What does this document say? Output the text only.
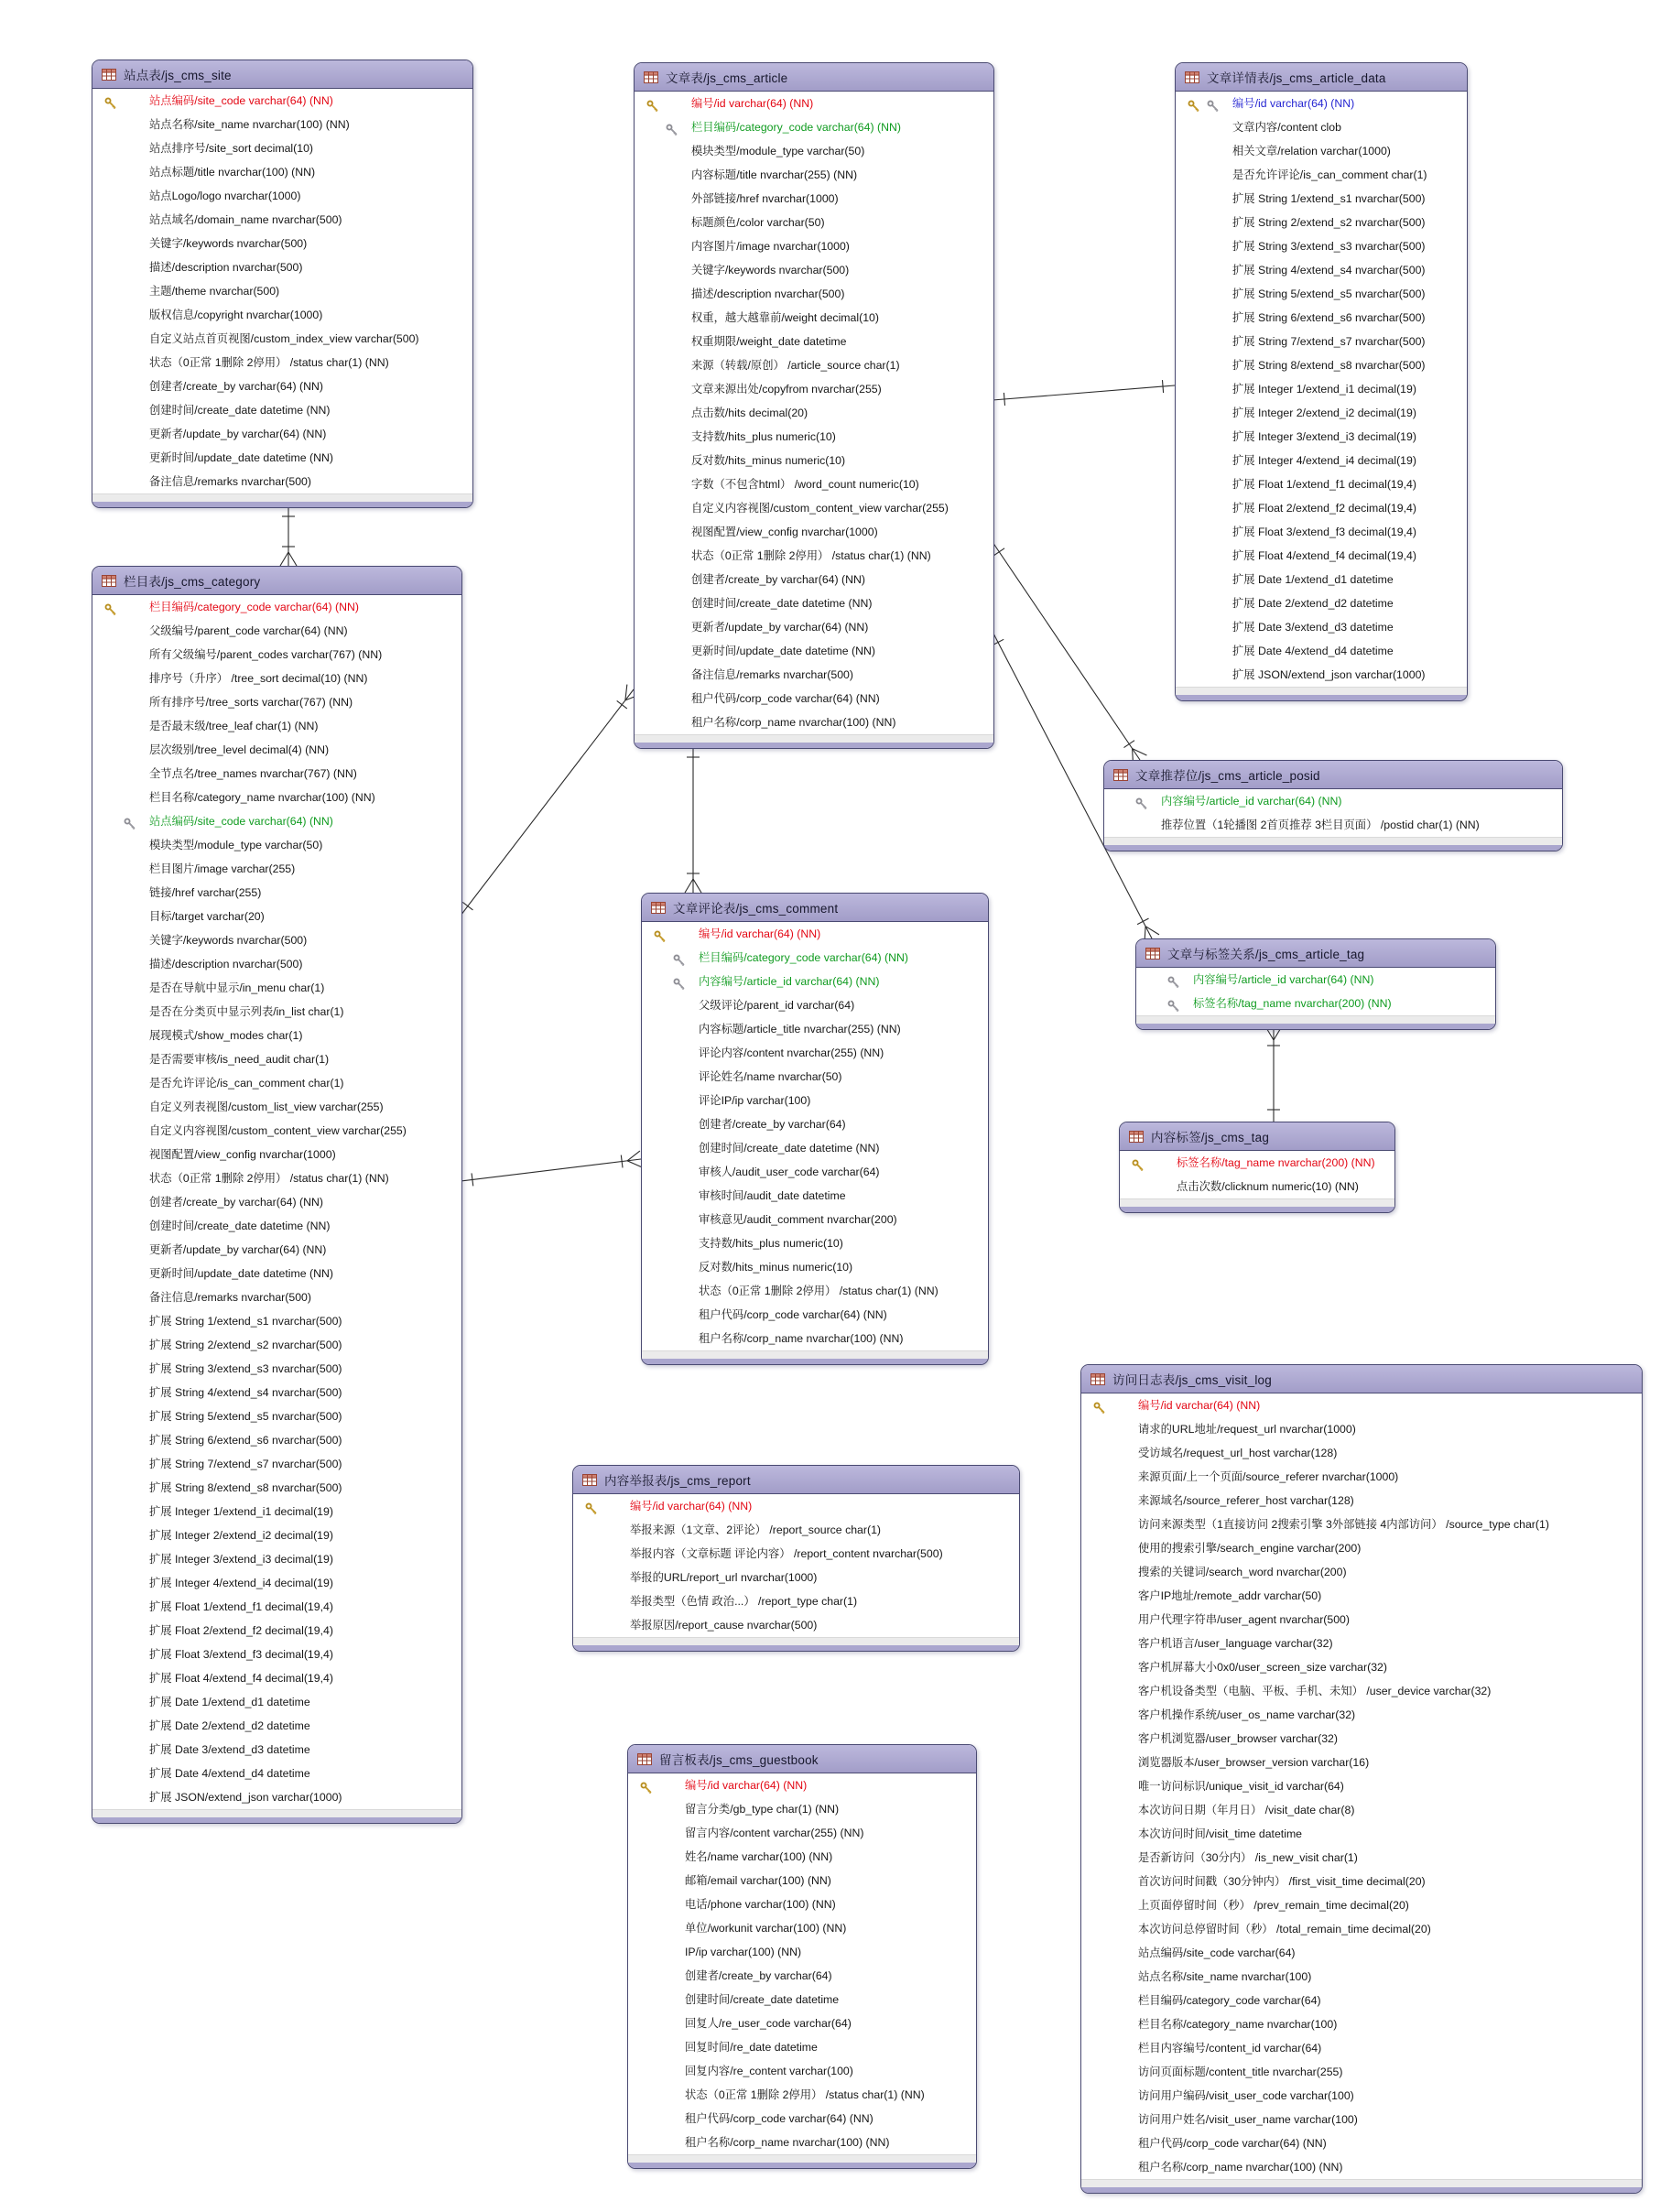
站点表/js_cms_site
站点编码/site_code varchar(64) (NN)
站点名称/site_name nvarchar(100) (NN)
站点排序号/site_sort decimal(10)
站点标题/title nvarchar(100) (NN)
站点Logo/logo nvarchar(1000)
站点域名/domain_name nvarchar(500)
关键字/keywords nvarchar(500)
描述/description nvarchar(500)
主题/theme nvarchar(500)
版权信息/copyright nvarchar(1000)
自定义站点首页视图/custom_index_view varchar(500)
状态（0正常 1删除 2停用） /status char(1) (NN)
创建者/create_by varchar(64) (NN)
创建时间/create_date datetime (NN)
更新者/update_by varchar(64) (NN)
更新时间/update_date datetime (NN)
备注信息/remarks nvarchar(500)
栏目表/js_cms_category
栏目编码/category_code varchar(64) (NN)
父级编号/parent_code varchar(64) (NN)
所有父级编号/parent_codes varchar(767) (NN)
排序号（升序） /tree_sort decimal(10) (NN)
所有排序号/tree_sorts varchar(767) (NN)
是否最末级/tree_leaf char(1) (NN)
层次级别/tree_level decimal(4) (NN)
全节点名/tree_names nvarchar(767) (NN)
栏目名称/category_name nvarchar(100) (NN)
站点编码/site_code varchar(64) (NN)
模块类型/module_type varchar(50)
栏目图片/image varchar(255)
链接/href varchar(255)
目标/target varchar(20)
关键字/keywords nvarchar(500)
描述/description nvarchar(500)
是否在导航中显示/in_menu char(1)
是否在分类页中显示列表/in_list char(1)
展现模式/show_modes char(1)
是否需要审核/is_need_audit char(1)
是否允许评论/is_can_comment char(1)
自定义列表视图/custom_list_view varchar(255)
自定义内容视图/custom_content_view varchar(255)
视图配置/view_config nvarchar(1000)
状态（0正常 1删除 2停用） /status char(1) (NN)
创建者/create_by varchar(64) (NN)
创建时间/create_date datetime (NN)
更新者/update_by varchar(64) (NN)
更新时间/update_date datetime (NN)
备注信息/remarks nvarchar(500)
扩展 String 1/extend_s1 nvarchar(500)
扩展 String 2/extend_s2 nvarchar(500)
扩展 String 3/extend_s3 nvarchar(500)
扩展 String 4/extend_s4 nvarchar(500)
扩展 String 5/extend_s5 nvarchar(500)
扩展 String 6/extend_s6 nvarchar(500)
扩展 String 7/extend_s7 nvarchar(500)
扩展 String 8/extend_s8 nvarchar(500)
扩展 Integer 1/extend_i1 decimal(19)
扩展 Integer 2/extend_i2 decimal(19)
扩展 Integer 3/extend_i3 decimal(19)
扩展 Integer 4/extend_i4 decimal(19)
扩展 Float 1/extend_f1 decimal(19,4)
扩展 Float 2/extend_f2 decimal(19,4)
扩展 Float 3/extend_f3 decimal(19,4)
扩展 Float 4/extend_f4 decimal(19,4)
扩展 Date 1/extend_d1 datetime
扩展 Date 2/extend_d2 datetime
扩展 Date 3/extend_d3 datetime
扩展 Date 4/extend_d4 datetime
扩展 JSON/extend_json varchar(1000)
文章表/js_cms_article
编号/id varchar(64) (NN)
栏目编码/category_code varchar(64) (NN)
模块类型/module_type varchar(50)
内容标题/title nvarchar(255) (NN)
外部链接/href nvarchar(1000)
标题颜色/color varchar(50)
内容图片/image nvarchar(1000)
关键字/keywords nvarchar(500)
描述/description nvarchar(500)
权重，越大越靠前/weight decimal(10)
权重期限/weight_date datetime
来源（转载/原创） /article_source char(1)
文章来源出处/copyfrom nvarchar(255)
点击数/hits decimal(20)
支持数/hits_plus numeric(10)
反对数/hits_minus numeric(10)
字数（不包含html） /word_count numeric(10)
自定义内容视图/custom_content_view varchar(255)
视图配置/view_config nvarchar(1000)
状态（0正常 1删除 2停用） /status char(1) (NN)
创建者/create_by varchar(64) (NN)
创建时间/create_date datetime (NN)
更新者/update_by varchar(64) (NN)
更新时间/update_date datetime (NN)
备注信息/remarks nvarchar(500)
租户代码/corp_code varchar(64) (NN)
租户名称/corp_name nvarchar(100) (NN)
文章详情表/js_cms_article_data
编号/id varchar(64) (NN)
文章内容/content clob
相关文章/relation varchar(1000)
是否允许评论/is_can_comment char(1)
扩展 String 1/extend_s1 nvarchar(500)
扩展 String 2/extend_s2 nvarchar(500)
扩展 String 3/extend_s3 nvarchar(500)
扩展 String 4/extend_s4 nvarchar(500)
扩展 String 5/extend_s5 nvarchar(500)
扩展 String 6/extend_s6 nvarchar(500)
扩展 String 7/extend_s7 nvarchar(500)
扩展 String 8/extend_s8 nvarchar(500)
扩展 Integer 1/extend_i1 decimal(19)
扩展 Integer 2/extend_i2 decimal(19)
扩展 Integer 3/extend_i3 decimal(19)
扩展 Integer 4/extend_i4 decimal(19)
扩展 Float 1/extend_f1 decimal(19,4)
扩展 Float 2/extend_f2 decimal(19,4)
扩展 Float 3/extend_f3 decimal(19,4)
扩展 Float 4/extend_f4 decimal(19,4)
扩展 Date 1/extend_d1 datetime
扩展 Date 2/extend_d2 datetime
扩展 Date 3/extend_d3 datetime
扩展 Date 4/extend_d4 datetime
扩展 JSON/extend_json varchar(1000)
文章推荐位/js_cms_article_posid
内容编号/article_id varchar(64) (NN)
推荐位置（1轮播图 2首页推荐 3栏目页面） /postid char(1) (NN)
文章与标签关系/js_cms_article_tag
内容编号/article_id varchar(64) (NN)
标签名称/tag_name nvarchar(200) (NN)
内容标签/js_cms_tag
标签名称/tag_name nvarchar(200) (NN)
点击次数/clicknum numeric(10) (NN)
文章评论表/js_cms_comment
编号/id varchar(64) (NN)
栏目编码/category_code varchar(64) (NN)
内容编号/article_id varchar(64) (NN)
父级评论/parent_id varchar(64)
内容标题/article_title nvarchar(255) (NN)
评论内容/content nvarchar(255) (NN)
评论姓名/name nvarchar(50)
评论IP/ip varchar(100)
创建者/create_by varchar(64)
创建时间/create_date datetime (NN)
审核人/audit_user_code varchar(64)
审核时间/audit_date datetime
审核意见/audit_comment nvarchar(200)
支持数/hits_plus numeric(10)
反对数/hits_minus numeric(10)
状态（0正常 1删除 2停用） /status char(1) (NN)
租户代码/corp_code varchar(64) (NN)
租户名称/corp_name nvarchar(100) (NN)
内容举报表/js_cms_report
编号/id varchar(64) (NN)
举报来源（1文章、2评论） /report_source char(1)
举报内容（文章标题 评论内容） /report_content nvarchar(500)
举报的URL/report_url nvarchar(1000)
举报类型（色情 政治...） /report_type char(1)
举报原因/report_cause nvarchar(500)
留言板表/js_cms_guestbook
编号/id varchar(64) (NN)
留言分类/gb_type char(1) (NN)
留言内容/content varchar(255) (NN)
姓名/name varchar(100) (NN)
邮箱/email varchar(100) (NN)
电话/phone varchar(100) (NN)
单位/workunit varchar(100) (NN)
IP/ip varchar(100) (NN)
创建者/create_by varchar(64)
创建时间/create_date datetime
回复人/re_user_code varchar(64)
回复时间/re_date datetime
回复内容/re_content varchar(100)
状态（0正常 1删除 2停用） /status char(1) (NN)
租户代码/corp_code varchar(64) (NN)
租户名称/corp_name nvarchar(100) (NN)
访问日志表/js_cms_visit_log
编号/id varchar(64) (NN)
请求的URL地址/request_url nvarchar(1000)
受访域名/request_url_host varchar(128)
来源页面/上一个页面/source_referer nvarchar(1000)
来源域名/source_referer_host varchar(128)
访问来源类型（1直接访问 2搜索引擎 3外部链接 4内部访问） /source_type char(1)
使用的搜索引擎/search_engine varchar(200)
搜索的关键词/search_word nvarchar(200)
客户IP地址/remote_addr varchar(50)
用户代理字符串/user_agent nvarchar(500)
客户机语言/user_language varchar(32)
客户机屏幕大小0x0/user_screen_size varchar(32)
客户机设备类型（电脑、平板、手机、未知） /user_device varchar(32)
客户机操作系统/user_os_name varchar(32)
客户机浏览器/user_browser varchar(32)
浏览器版本/user_browser_version varchar(16)
唯一访问标识/unique_visit_id varchar(64)
本次访问日期（年月日） /visit_date char(8)
本次访问时间/visit_time datetime
是否新访问（30分内） /is_new_visit char(1)
首次访问时间戳（30分钟内） /first_visit_time decimal(20)
上页面停留时间（秒） /prev_remain_time decimal(20)
本次访问总停留时间（秒） /total_remain_time decimal(20)
站点编码/site_code varchar(64)
站点名称/site_name nvarchar(100)
栏目编码/category_code varchar(64)
栏目名称/category_name nvarchar(100)
栏目内容编号/content_id varchar(64)
访问页面标题/content_title nvarchar(255)
访问用户编码/visit_user_code varchar(100)
访问用户姓名/visit_user_name varchar(100)
租户代码/corp_code varchar(64) (NN)
租户名称/corp_name nvarchar(100) (NN)
